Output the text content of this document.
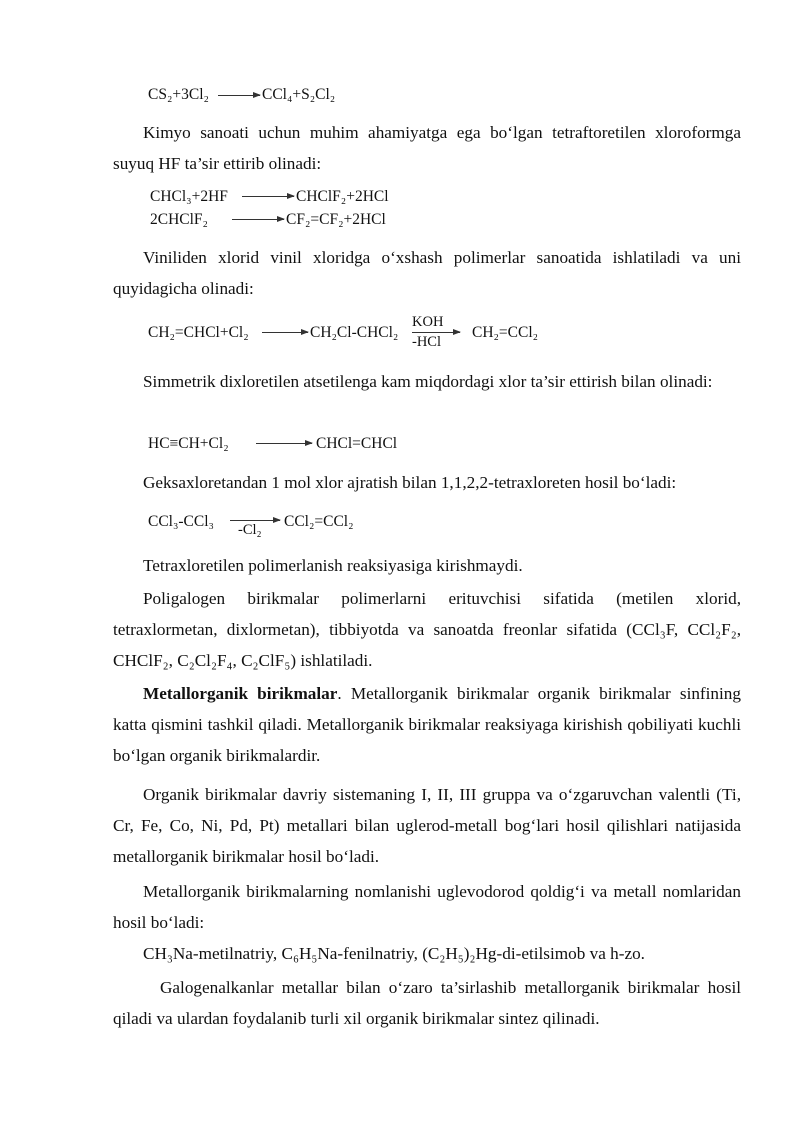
CS₂+3Cl₂	CCl₄+S₂Cl₂

Kimyo sanoati uchun muhim ahamiyatga ega bo‘lgan tetraftoretilen xloroformga suyuq HF ta’sir ettirib olinadi:

CHCl₃+2HF	CHClF₂+2HCl
2CHClF₂	CF₂=CF₂+2HCl

Viniliden xlorid vinil xloridga o‘xshash polimerlar sanoatida ishlatiladi va uni quyidagicha olinadi:

CH₂=CHCl+Cl₂	CH₂Cl-CHCl₂
KOH
-HCl
CH₂=CCl₂

Simmetrik dixloretilen atsetilenga kam miqdordagi xlor ta’sir ettirish bilan olinadi:

HC≡CH+Cl₂	CHCl=CHCl

Geksaxloretandan 1 mol xlor ajratish bilan 1,1,2,2-tetraxloreten hosil bo‘ladi:

CCl₃-CCl₃ -Cl₂ CCl₂=CCl₂

Tetraxloretilen polimerlanish reaksiyasiga kirishmaydi.

Poligalogen birikmalar polimerlarni erituvchisi sifatida (metilen xlorid, tetraxlormetan, dixlormetan), tibbiyotda va sanoatda freonlar sifatida (CCl₃F, CCl₂F₂, CHClF₂, C₂Cl₂F₄, C₂ClF₅) ishlatiladi.

Metallorganik birikmalar. Metallorganik birikmalar organik birikmalar sinfining katta qismini tashkil qiladi. Metallorganik birikmalar reaksiyaga kirishish qobiliyati kuchli bo‘lgan organik birikmalardir.

Organik birikmalar davriy sistemaning I, II, III gruppa va o‘zgaruvchan valentli (Ti, Cr, Fe, Co, Ni, Pd, Pt) metallari bilan uglerod-metall bog‘lari hosil qilishlari natijasida metallorganik birikmalar hosil bo‘ladi.

Metallorganik birikmalarning nomlanishi uglevodorod qoldig‘i va metall nomlaridan hosil bo‘ladi:

CH₃Na-metilnatriy, C₆H₅Na-fenilnatriy, (C₂H₅)₂Hg-di-etilsimob va h-zo.

Galogenalkanlar metallar bilan o‘zaro ta’sirlashib metallorganik birikmalar hosil qiladi va ulardan foydalanib turli xil organik birikmalar sintez qilinadi.
